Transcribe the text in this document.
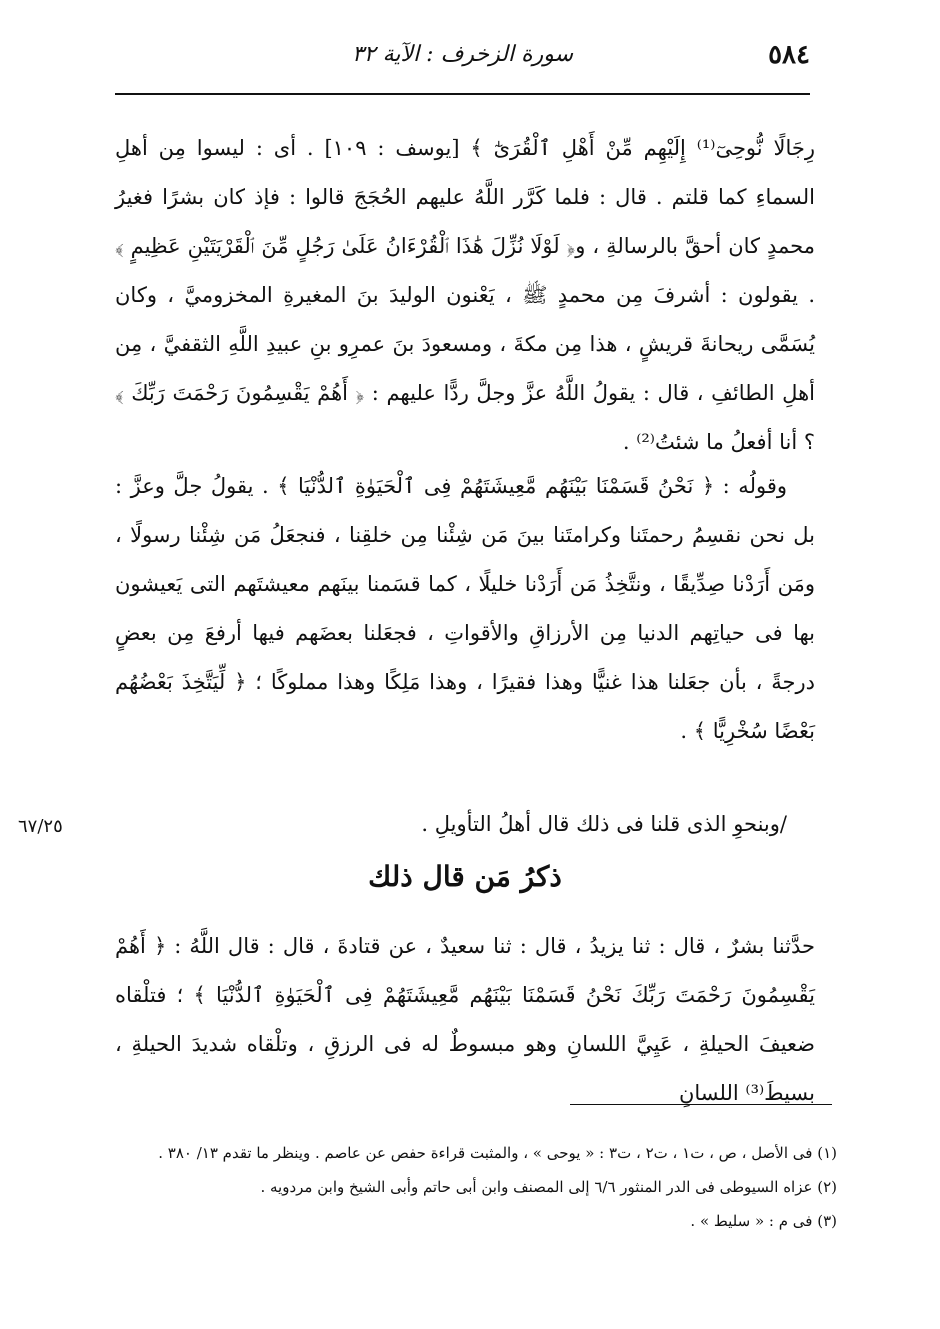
٥٨٤
سورة الزخرف : الآية ٣٢

رِجَالًا نُّوحِىٓ⁽¹⁾ إِلَيْهِم مِّنْ أَهْلِ ٱلْقُرَىٰٓ ﴾ [يوسف : ١٠٩] . أى : ليسوا مِن أهلِ السماءِ كما قلتم . قال : فلما كَرَّر اللَّهُ عليهم الحُجَجَ قالوا : فإذ كان بشرًا فغيرُ محمدٍ كان أحقَّ بالرسالةِ ، و﴿ لَوْلَا نُزِّلَ هَٰذَا ٱلْقُرْءَانُ عَلَىٰ رَجُلٍ مِّنَ ٱلْقَرْيَتَيْنِ عَظِيمٍ ﴾ . يقولون : أشرفَ مِن محمدٍ ﷺ ، يَعْنون الوليدَ بنَ المغيرةِ المخزوميَّ ، وكان يُسَمَّى ريحانةَ قريشٍ ، هذا مِن مكةَ ، ومسعودَ بنَ عمرِو بنِ عبيدِ اللَّهِ الثقفيَّ ، مِن أهلِ الطائفِ ، قال : يقولُ اللَّهُ عزَّ وجلَّ ردًّا عليهم : ﴿ أَهُمْ يَقْسِمُونَ رَحْمَتَ رَبِّكَ ﴾ ؟ أنا أفعلُ ما شئتُ⁽²⁾ .

وقولُه : ﴿ نَحْنُ قَسَمْنَا بَيْنَهُم مَّعِيشَتَهُمْ فِى ٱلْحَيَوٰةِ ٱلدُّنْيَا ﴾ . يقولُ جلَّ وعزَّ : بل نحن نقسِمُ رحمتَنا وكرامتَنا بينَ مَن شِئْنا مِن خلقِنا ، فنجعَلُ مَن شِئْنا رسولًا ، ومَن أَرَدْنا صِدِّيقًا ، ونتَّخِذُ مَن أَرَدْنا خليلًا ، كما قسَمنا بينَهم معيشتَهم التى يَعيشون بها فى حياتِهم الدنيا مِن الأرزاقِ والأقواتِ ، فجعَلنا بعضَهم فيها أرفعَ مِن بعضٍ درجةً ، بأن جعَلنا هذا غنيًّا وهذا فقيرًا ، وهذا مَلِكًا وهذا مملوكًا ؛ ﴿ لِّيَتَّخِذَ بَعْضُهُم بَعْضًا سُخْرِيًّا ﴾ .

٦٧/٢٥	/وبنحوِ الذى قلنا فى ذلك قال أهلُ التأويلِ .

ذكرُ مَن قال ذلك

حدَّثنا بشرٌ ، قال : ثنا يزيدُ ، قال : ثنا سعيدٌ ، عن قتادةَ ، قال : قال اللَّهُ : ﴿ أَهُمْ يَقْسِمُونَ رَحْمَتَ رَبِّكَ نَحْنُ قَسَمْنَا بَيْنَهُم مَّعِيشَتَهُمْ فِى ٱلْحَيَوٰةِ ٱلدُّنْيَا ﴾ ؛ فتلْقاه ضعيفَ الحيلةِ ، عَيِيَّ اللسانِ وهو مبسوطٌ له فى الرزقِ ، وتلْقاه شديدَ الحيلةِ ، بسيطَ⁽³⁾ اللسانِ

(١) فى الأصل ، ص ، ت١ ، ت٢ ، ت٣ : « يوحى » ، والمثبت قراءة حفص عن عاصم . وينظر ما تقدم ١٣/ ٣٨٠ .

(٢) عزاه السيوطى فى الدر المنثور ٦/٦ إلى المصنف وابن أبى حاتم وأبى الشيخ وابن مردويه .

(٣) فى م : « سليط » .
